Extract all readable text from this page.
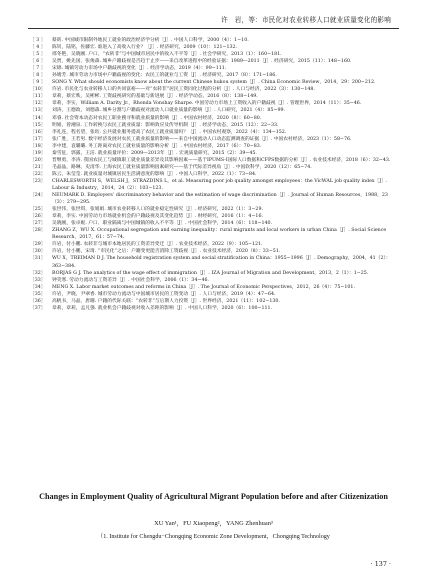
许　岩，等：市民化对农业转移人口就业质量变化的影响
［ 3 ］	蔡昉. 中国城市限制外地民工就业的政治经济学分析［J］. 中国人口科学，2000（4）：1−10.
［ 4 ］	陈钊，陆铭，佐藤宏. 谁进入了高收入行业？［J］. 经济研究，2009（10）：121−132.
［ 5 ］	邢冬艳，吴晓刚. 户口、“农转非”与中国城市居民中的收入不平等［J］. 社会学研究，2013（1）：160−181.
［ 6 ］	吴贾，姚先国，张俊森. 城乡户籍歧视是否趋于止步——来自改革进程中的经验证据：1989—2011［J］. 经济研究，2015（11）：148−160.
［ 7 ］	宋锦. 城镇劳动力市场中户籍歧视的变化［J］. 经济学动态，2019（4）：99−111.
［ 8 ］	孙婧芳. 城市劳动力市场中户籍歧视的变化：农民工的就业与工资［J］. 经济研究，2017（8）：171−186.
［ 9 ］	SONG Y. What should economists know about the current Chinese hukou system［J］. China Economic Review，2014，29：200−212.
［10］	许岩. 市民化与农业转移人口的共同富裕——对“农转非”居民工资同化过程的分析［J］. 人口与经济，2022（3）：130−148.
［11］	章莉，蔡宏昳，吴彬彬. 工资歧视研究的基础与新进展［J］. 经济学动态，2016（8）：138−149.
［12］	章莉，李实，William A. Darity Jr.，Rhonda Vonshay Sharpe. 中国劳动力市场上工资收入的户籍歧视［J］. 管理世界，2014（11）：35−46.
［13］	刘涛，王德政，刘德森. 城乡分割与户籍歧视对流动人口就业质量的影响［J］. 人口研究，2021（4）：85−99.
［14］	邓睿. 社会资本动态对农民工职业搜寻和就业质量的影响［J］. 中国农村经济，2020（8）：60−80.
［15］	明娟，曾湘泉. 工作转换与农民工就业质量：影响效应及传导机制［J］. 经济学动态，2015（12）：22−33.
［16］	李礼连，程名望，张珩. 公共就业服务提高了农民工就业质量吗？［J］. 中国农村观察，2022（4）：134−152.
［17］	张广胜，王若男. 数字经济发展对农民工就业质量的影响——来自中国流动人口动态监测调查的证据［J］. 中国农村经济，2023（1）：58−76.
［18］	李中建，袁璐璐. 务工距离对农民工就业质量的影响分析［J］. 中国农村经济，2017（6）：70−83.
［19］	秦雪征，郭露，王洁. 就业质量评价：2009—2013年［J］. 宏观质量研究，2015（2）：39−45.
［20］	晋继勇，李涛. 我国农民工与城镇职工就业质量差异及其影响因素——基于IPUMS-I国际人口数据和CFPS数据的分析［J］. 农业技术经济，2018（6）：32−43.
［21］	毛晶晶，路琳，史清华. 上海农民工就业质量影响因素研究——基于代际差异视角［J］. 中国软科学，2020（12）：65−74.
［22］	陈云，朱莹莹. 就业质量对城镇居民生活满意度的影响［J］. 中国人口科学，2022（1）：73−84.
［23］	CHARLESWORTH S，WELSH J，STRAZDINS L，et al. Measuring poor job quality amongst employees：the VicWAL job quality index［J］. Labour & Industry，2014，24（2）：103−123.
［24］	NEUMARK D. Employers’ discriminatory behavior and the estimation of wage discrimination［J］. Journal of Human Resources，1988，23（3）：279−295.
［25］	张世伟，张世琪，张娟娟. 城市农业转移人口的就业稳定性研究［J］. 经济研究，2022（1）：3−29.
［26］	章莉，李实. 中国劳动力市场就业机会的户籍歧视及其变化趋势［J］. 财经研究，2016（1）：4−16.
［27］	吴晓刚，张卓妮. 户口、职业隔离与中国城镇的收入不平等［J］. 中国社会科学，2014（6）：118−140.
［28］	ZHANG Z，WU X. Occupational segregation and earning inequality：rural migrants and local workers in urban China［J］. Social Science Research，2017，61：57−74.
［29］	许岩，付小鹏. 农转非与城市本地居民的工资差异变迁［J］. 农业技术经济，2022（9）：105−121.
［30］	许岩，付小鹏，宋琦. “市民化”之后：户籍变更能否消除工资歧视［J］. 农业技术经济，2020（8）：33−51.
［31］	WU X，TREIMAN D J. The household registration system and social stratification in China：1955−1996［J］. Demography，2004，41（2）：363−384.
［32］	BORJAS G J. The analytics of the wage effect of immigration［J］. IZA Journal of Migration and Development，2013，2（1）：1−25.
［33］	钟笑寒. 劳动力流动与工资差异［J］. 中国社会科学，2006（1）：34−46.
［34］	MENG X. Labor market outcomes and reforms in China［J］. The Journal of Economic Perspectives，2012，26（4）：75−101.
［35］	许岩，尹晓，尹翠香. 城市劳动力流动与中国城市居民的工资变动［J］. 人口与经济，2019（4）：47−64.
［36］	高帆书，马晶，唐珊. 户籍的代际关联：“农转非”与后期人力投资［J］. 世界经济，2021（11）：102−130.
［37］	章莉，章莉，孟凡强. 就业机会户籍歧视对收入差距的影响［J］. 中国人口科学，2020（6）：100−111.
Changes in Employment Quality of Agricultural Migrant Population before and after Citizenization
XU Yan¹，FU Xiaopeng²，YANG Zhenhuan³
（1. Institute for Chengdu−Chongqing Economic Zone Development，Chongqing Technology
· 137 ·
